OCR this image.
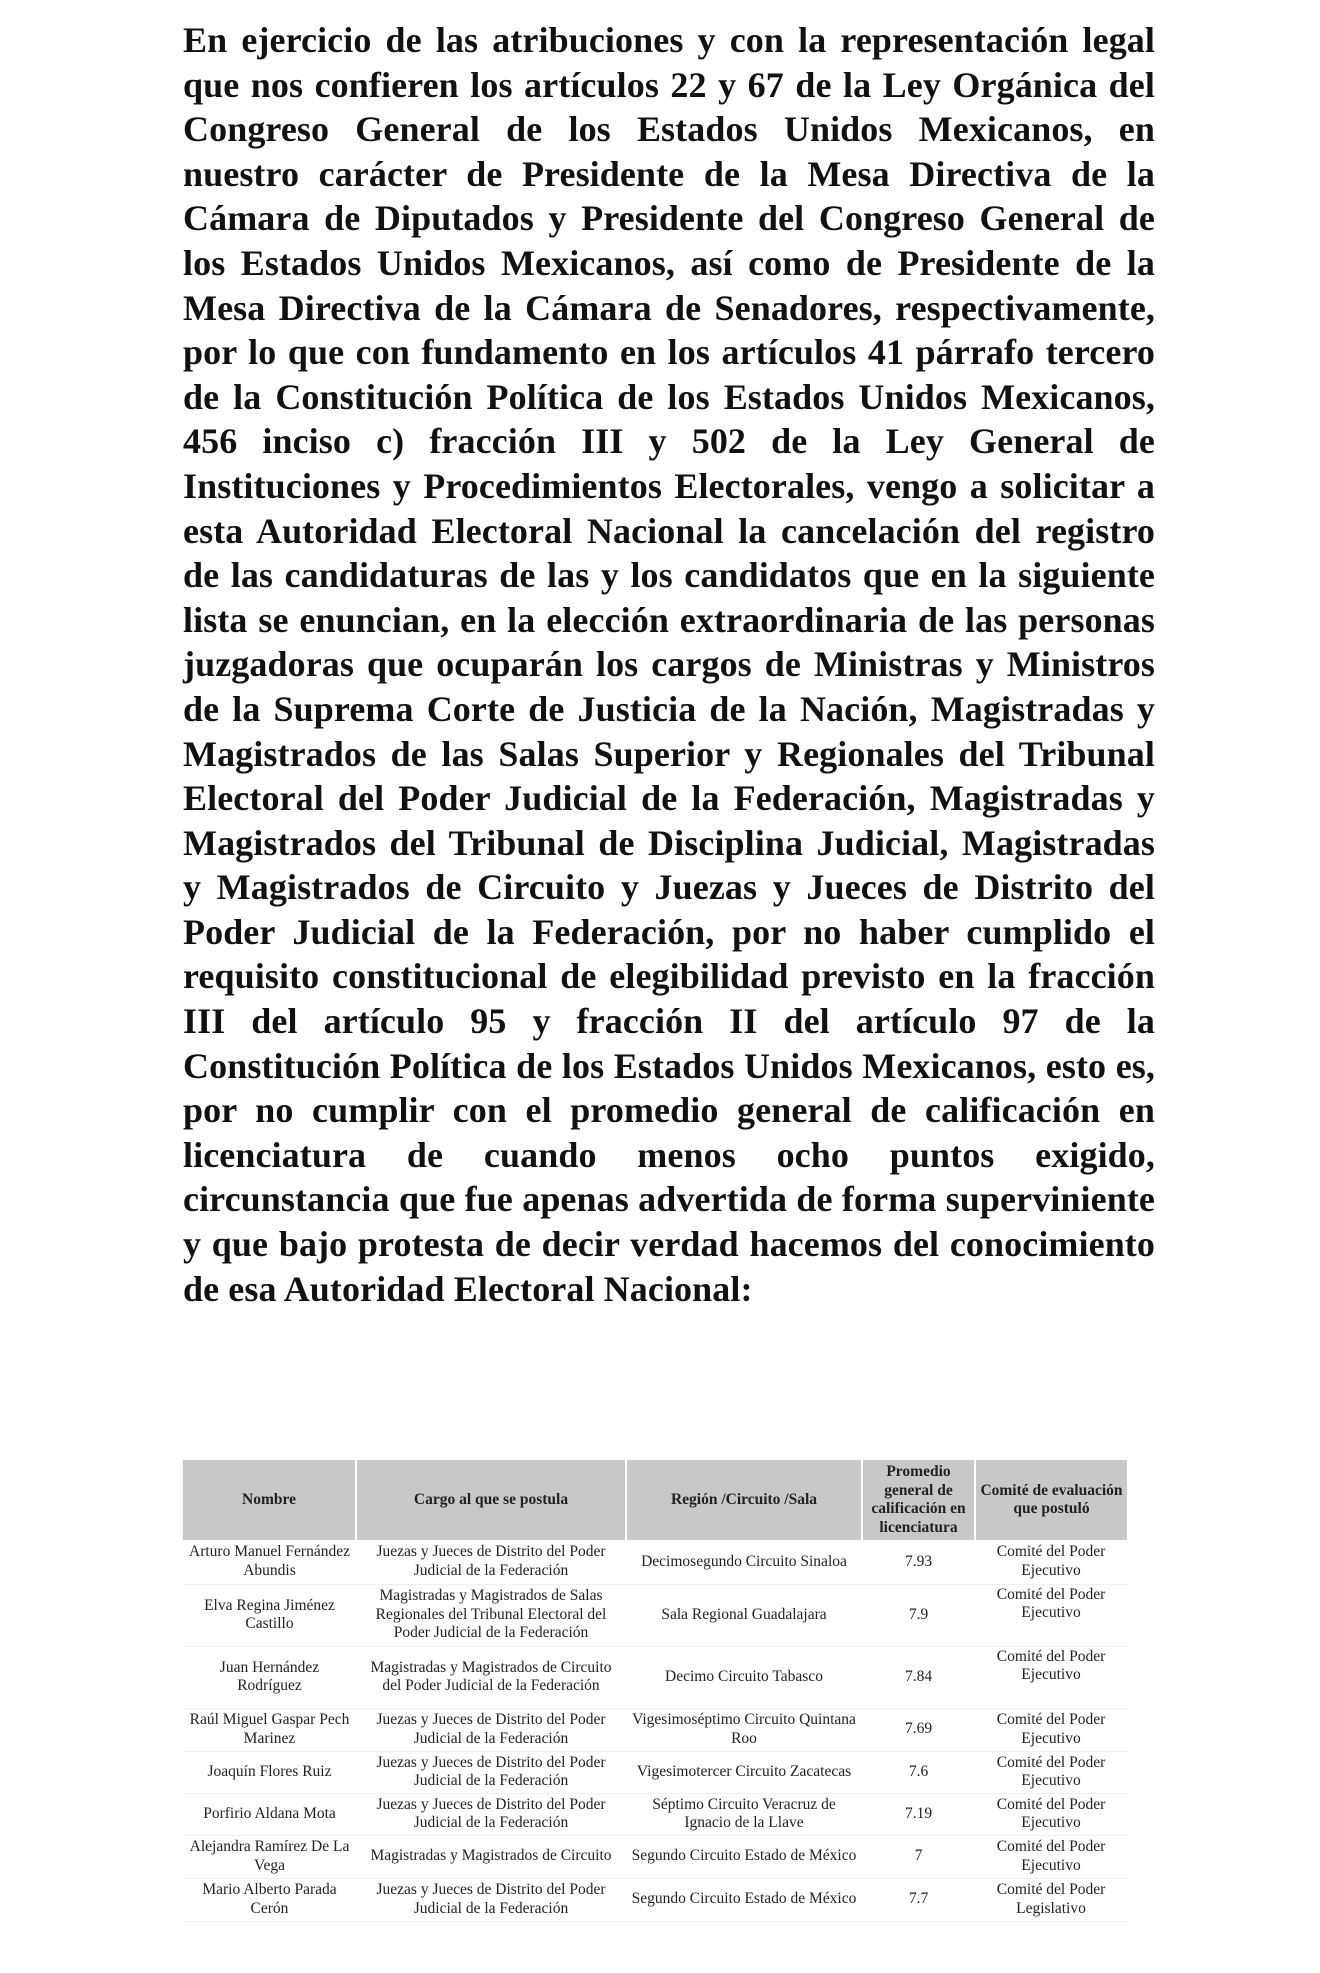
En ejercicio de las atribuciones y con la representación legal que nos confieren los artículos 22 y 67 de la Ley Orgánica del Congreso General de los Estados Unidos Mexicanos, en nuestro carácter de Presidente de la Mesa Directiva de la Cámara de Diputados y Presidente del Congreso General de los Estados Unidos Mexicanos, así como de Presidente de la Mesa Directiva de la Cámara de Senadores, respectivamente, por lo que con fundamento en los artículos 41 párrafo tercero de la Constitución Política de los Estados Unidos Mexicanos, 456 inciso c) fracción III y 502 de la Ley General de Instituciones y Procedimientos Electorales, vengo a solicitar a esta Autoridad Electoral Nacional la cancelación del registro de las candidaturas de las y los candidatos que en la siguiente lista se enuncian, en la elección extraordinaria de las personas juzgadoras que ocuparán los cargos de Ministras y Ministros de la Suprema Corte de Justicia de la Nación, Magistradas y Magistrados de las Salas Superior y Regionales del Tribunal Electoral del Poder Judicial de la Federación, Magistradas y Magistrados del Tribunal de Disciplina Judicial, Magistradas y Magistrados de Circuito y Juezas y Jueces de Distrito del Poder Judicial de la Federación, por no haber cumplido el requisito constitucional de elegibilidad previsto en la fracción III del artículo 95 y fracción II del artículo 97 de la Constitución Política de los Estados Unidos Mexicanos, esto es, por no cumplir con el promedio general de calificación en licenciatura de cuando menos ocho puntos exigido, circunstancia que fue apenas advertida de forma superviniente y que bajo protesta de decir verdad hacemos del conocimiento de esa Autoridad Electoral Nacional:

Nombre	Cargo al que se postula	Región /Circuito /Sala	Promedio general de calificación en licenciatura	Comité de evaluación que postuló
Arturo Manuel Fernández Abundis	Juezas y Jueces de Distrito del Poder Judicial de la Federación	Decimosegundo Circuito Sinaloa	7.93	Comité del Poder Ejecutivo
Elva Regina Jiménez Castillo	Magistradas y Magistrados de Salas Regionales del Tribunal Electoral del Poder Judicial de la Federación	Sala Regional Guadalajara	7.9	Comité del Poder Ejecutivo
Juan Hernández Rodríguez	Magistradas y Magistrados de Circuito del Poder Judicial de la Federación	Decimo Circuito Tabasco	7.84	Comité del Poder Ejecutivo
Raúl Miguel Gaspar Pech Marinez	Juezas y Jueces de Distrito del Poder Judicial de la Federación	Vigesimoséptimo Circuito Quintana Roo	7.69	Comité del Poder Ejecutivo
Joaquín Flores Ruiz	Juezas y Jueces de Distrito del Poder Judicial de la Federación	Vigesimotercer Circuito Zacatecas	7.6	Comité del Poder Ejecutivo
Porfirio Aldana Mota	Juezas y Jueces de Distrito del Poder Judicial de la Federación	Séptimo Circuito Veracruz de Ignacio de la Llave	7.19	Comité del Poder Ejecutivo
Alejandra Ramírez De La Vega	Magistradas y Magistrados de Circuito	Segundo Circuito Estado de México	7	Comité del Poder Ejecutivo
Mario Alberto Parada Cerón	Juezas y Jueces de Distrito del Poder Judicial de la Federación	Segundo Circuito Estado de México	7.7	Comité del Poder Legislativo
